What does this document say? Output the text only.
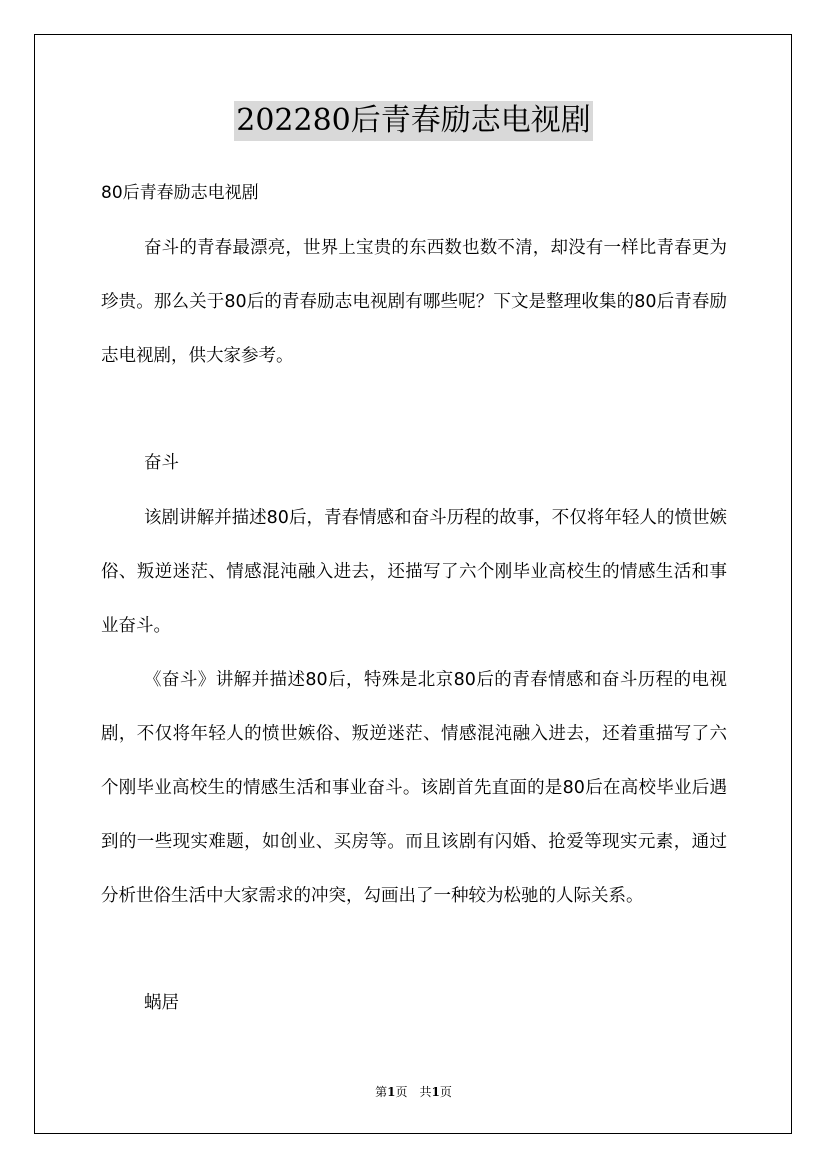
202280后青春励志电视剧
80后青春励志电视剧

奋斗的青春最漂亮，世界上宝贵的东西数也数不清，却没有一样比青春更为珍贵。那么关于80后的青春励志电视剧有哪些呢？下文是整理收集的80后青春励志电视剧，供大家参考。

奋斗

该剧讲解并描述80后，青春情感和奋斗历程的故事，不仅将年轻人的愤世嫉俗、叛逆迷茫、情感混沌融入进去，还描写了六个刚毕业高校生的情感生活和事业奋斗。

《奋斗》讲解并描述80后，特殊是北京80后的青春情感和奋斗历程的电视剧，不仅将年轻人的愤世嫉俗、叛逆迷茫、情感混沌融入进去，还着重描写了六个刚毕业高校生的情感生活和事业奋斗。该剧首先直面的是80后在高校毕业后遇到的一些现实难题，如创业、买房等。而且该剧有闪婚、抢爱等现实元素，通过分析世俗生活中大家需求的冲突，勾画出了一种较为松驰的人际关系。

蜗居
第1页　共1页
